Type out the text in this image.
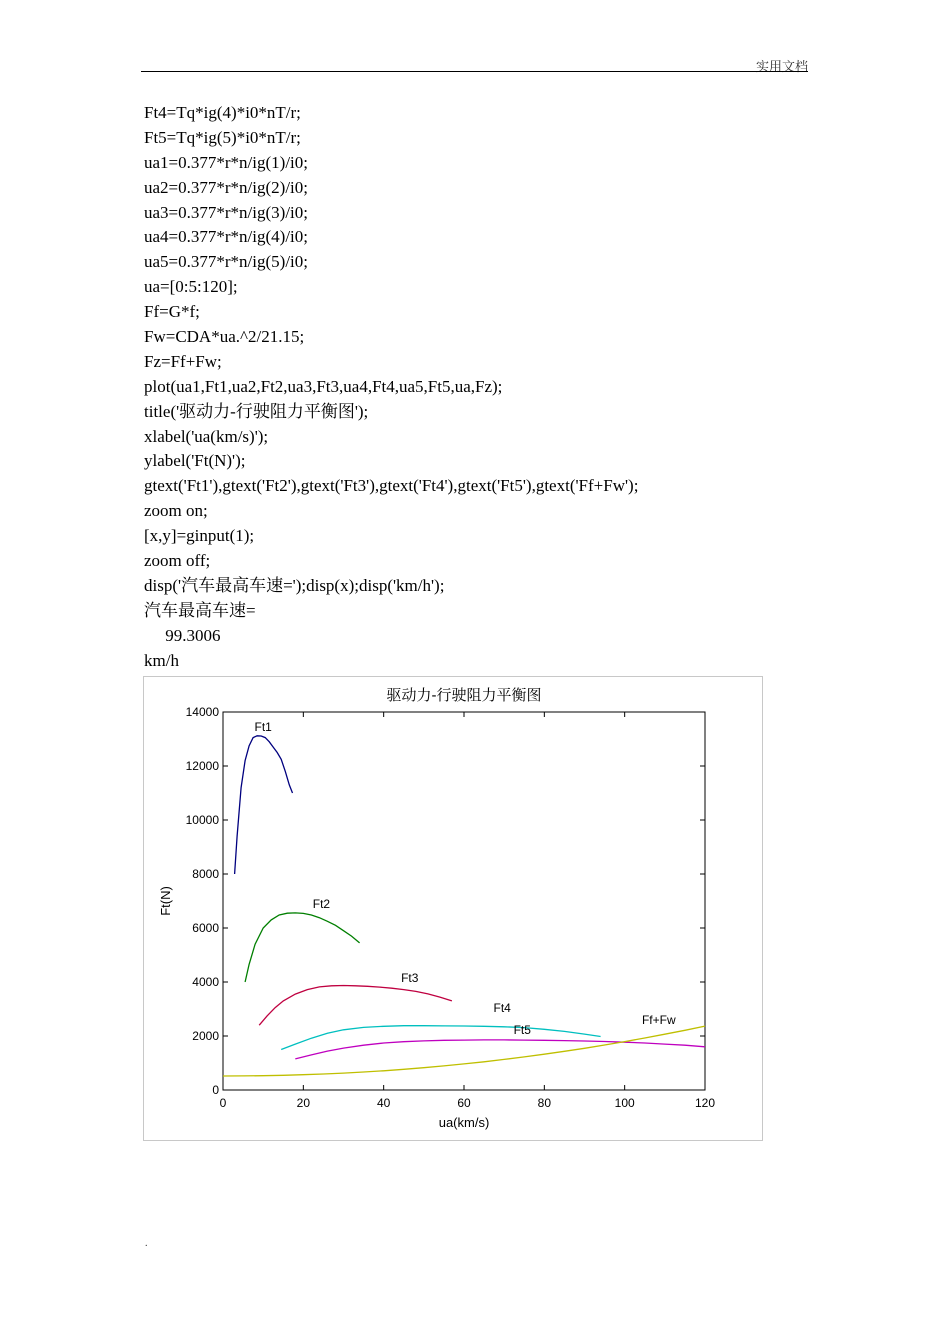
实用文档
Ft4=Tq*ig(4)*i0*nT/r;
Ft5=Tq*ig(5)*i0*nT/r;
ua1=0.377*r*n/ig(1)/i0;
ua2=0.377*r*n/ig(2)/i0;
ua3=0.377*r*n/ig(3)/i0;
ua4=0.377*r*n/ig(4)/i0;
ua5=0.377*r*n/ig(5)/i0;
ua=[0:5:120];
Ff=G*f;
Fw=CDA*ua.^2/21.15;
Fz=Ff+Fw;
plot(ua1,Ft1,ua2,Ft2,ua3,Ft3,ua4,Ft4,ua5,Ft5,ua,Fz);
title('驱动力-行驶阻力平衡图');
xlabel('ua(km/s)');
ylabel('Ft(N)');
gtext('Ft1'),gtext('Ft2'),gtext('Ft3'),gtext('Ft4'),gtext('Ft5'),gtext('Ff+Fw');
zoom on;
[x,y]=ginput(1);
zoom off;
disp('汽车最高车速=');disp(x);disp('km/h');
汽车最高车速=
99.3006
km/h
驱动力-行驶阻力平衡图
ua(km/s)
Ft(N)
0	20	40	60	80	100	120
0
2000
4000
6000
8000
10000
12000
14000
Ft1
Ft2
Ft3
Ft4
Ft5
Ff+Fw
.
